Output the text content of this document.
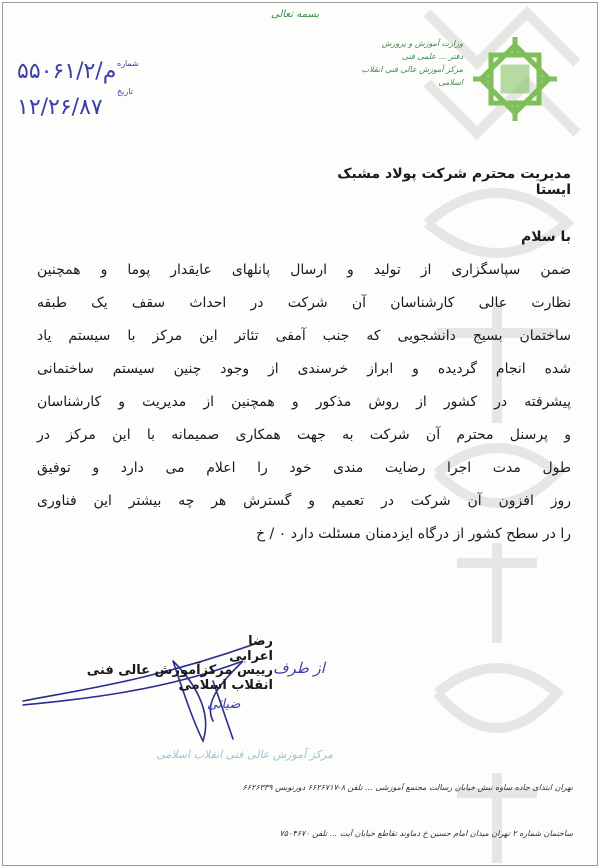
بسمه تعالی
وزارت آموزش و پرورش
دفتر ... علمی فنی
مرکز آموزش عالی فنی انقلاب اسلامی
۵۵۰۶۱/۲/م شماره
۱۲/۲۶/۸۷
تاریخ
مدیریت محترم شرکت پولاد مشبک ایستا
با سلام
ضمن سپاسگزاری از تولید و ارسال پانلهای عایقدار پوما و همچنین
نظارت عالی کارشناسان آن شرکت در احداث سقف یک طبقه
ساختمان بسیج دانشجویی که جنب آمفی تئاتر این مرکز با سیستم یاد
شده انجام گردیده و ابراز خرسندی از وجود چنین سیستم ساختمانی
پیشرفته در کشور از روش مذکور و همچنین از مدیریت و کارشناسان
و پرسنل محترم آن شرکت به جهت همکاری صمیمانه با این مرکز در
طول مدت اجرا رضایت مندی خود را اعلام می دارد و توفیق
روز افزون آن شرکت در تعمیم و گسترش هر چه بیشتر این فناوری
را در سطح کشور از درگاه ایزدمنان مسئلت دارد ٠ / خ
رضا اعرابی
رییس مرکزآموزش عالی فنی انقلاب اسلامی
از طرف
ضیائی
مرکز آموزش عالی فنی انقلاب اسلامی
تهران ابتدای جاده ساوه نبش خیابان رسالت مجتمع آموزشی ... تلفن ۸-۶۶۲۶۷۱۷ دورنویس ۶۶۲۶۳۳۹
ساختمان شماره ۲ تهران میدان امام حسین خ دماوند تقاطع خیابان آیت ... تلفن ۷۵۰۴۶۷۰
